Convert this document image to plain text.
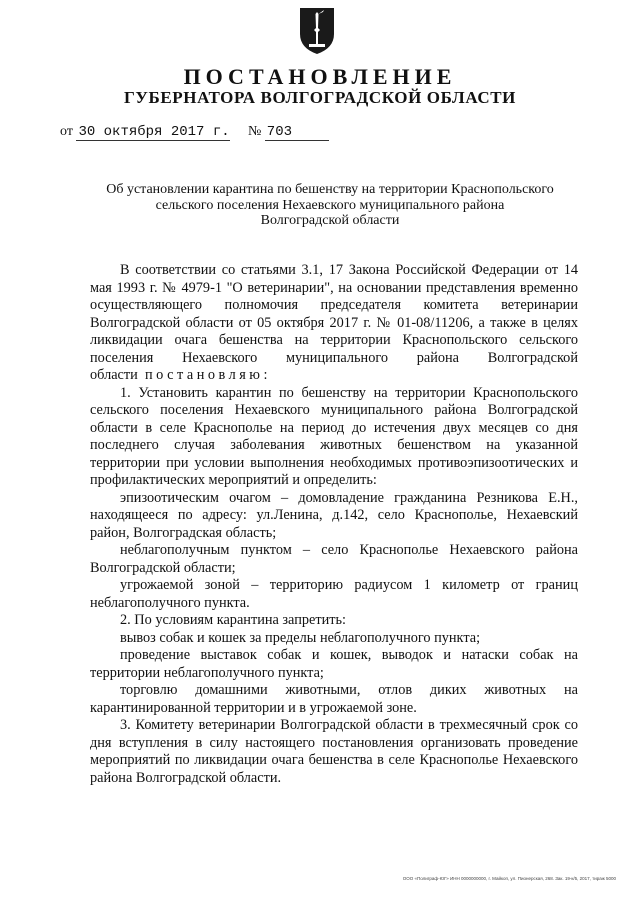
ПОСТАНОВЛЕНИЕ
ГУБЕРНАТОРА ВОЛГОГРАДСКОЙ ОБЛАСТИ
от 30 октября 2017 г. № 703
Об установлении карантина по бешенству на территории Краснопольского
сельского поселения Нехаевского муниципального района
Волгоградской области

В соответствии со статьями 3.1, 17 Закона Российской Федерации от 14 мая 1993 г. № 4979-1 "О ветеринарии", на основании представления временно осуществляющего полномочия председателя комитета ветеринарии Волгоградской области от 05 октября 2017 г. № 01-08/11206, а также в целях ликвидации очага бешенства на территории Краснопольского сельского поселения Нехаевского муниципального района Волгоградской области постановляю:

1. Установить карантин по бешенству на территории Краснопольского сельского поселения Нехаевского муниципального района Волгоградской области в селе Краснополье на период до истечения двух месяцев со дня последнего случая заболевания животных бешенством на указанной территории при условии выполнения необходимых противоэпизоотических и профилактических мероприятий и определить:

эпизоотическим очагом – домовладение гражданина Резникова Е.Н., находящееся по адресу: ул.Ленина, д.142, село Краснополье, Нехаевский район, Волгоградская область;

неблагополучным пунктом – село Краснополье Нехаевского района Волгоградской области;

угрожаемой зоной – территорию радиусом 1 километр от границ неблагополучного пункта.

2. По условиям карантина запретить:

вывоз собак и кошек за пределы неблагополучного пункта;

проведение выставок собак и кошек, выводок и натаски собак на территории неблагополучного пункта;

торговлю домашними животными, отлов диких животных на карантинированной территории и в угрожаемой зоне.

3. Комитету ветеринарии Волгоградской области в трехмесячный срок со дня вступления в силу настоящего постановления организовать проведение мероприятий по ликвидации очага бешенства в селе Краснополье Нехаевского района Волгоградской области.

ООО «Полиграф-ЮГ» ИНН 0000000000, г. Майкоп, ул. Пионерская, 268. Зак. 19-к/5, 2017, тираж 5000
